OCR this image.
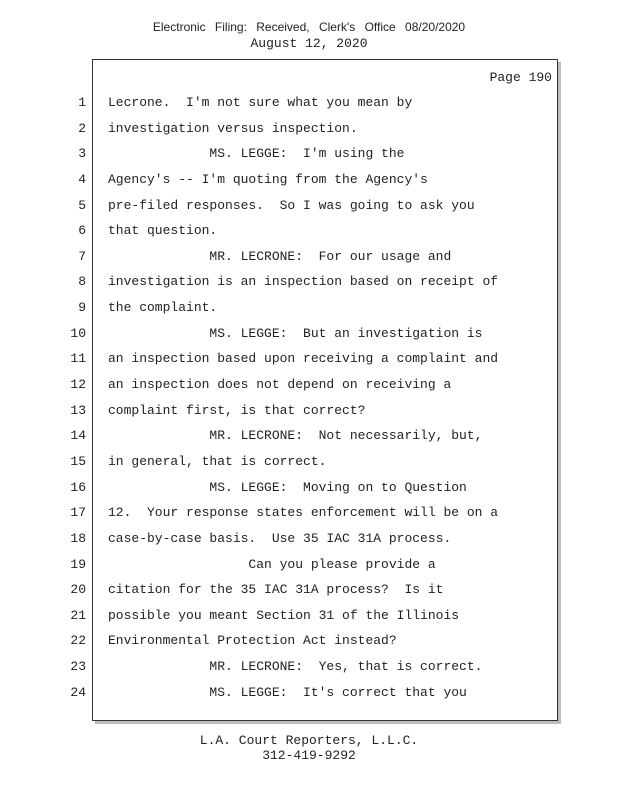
Electronic Filing: Received, Clerk's Office 08/20/2020
August 12, 2020
Page 190
1
2
3
4
5
6
7
8
9
10
11
12
13
14
15
16
17
18
19
20
21
22
23
24
Lecrone.  I'm not sure what you mean by
investigation versus inspection.
MS. LEGGE:  I'm using the
Agency's -- I'm quoting from the Agency's
pre-filed responses.  So I was going to ask you
that question.
MR. LECRONE:  For our usage and
investigation is an inspection based on receipt of
the complaint.
MS. LEGGE:  But an investigation is
an inspection based upon receiving a complaint and
an inspection does not depend on receiving a
complaint first, is that correct?
MR. LECRONE:  Not necessarily, but,
in general, that is correct.
MS. LEGGE:  Moving on to Question
12.  Your response states enforcement will be on a
case-by-case basis.  Use 35 IAC 31A process.
Can you please provide a
citation for the 35 IAC 31A process?  Is it
possible you meant Section 31 of the Illinois
Environmental Protection Act instead?
MR. LECRONE:  Yes, that is correct.
MS. LEGGE:  It's correct that you
L.A. Court Reporters, L.L.C.
312-419-9292
